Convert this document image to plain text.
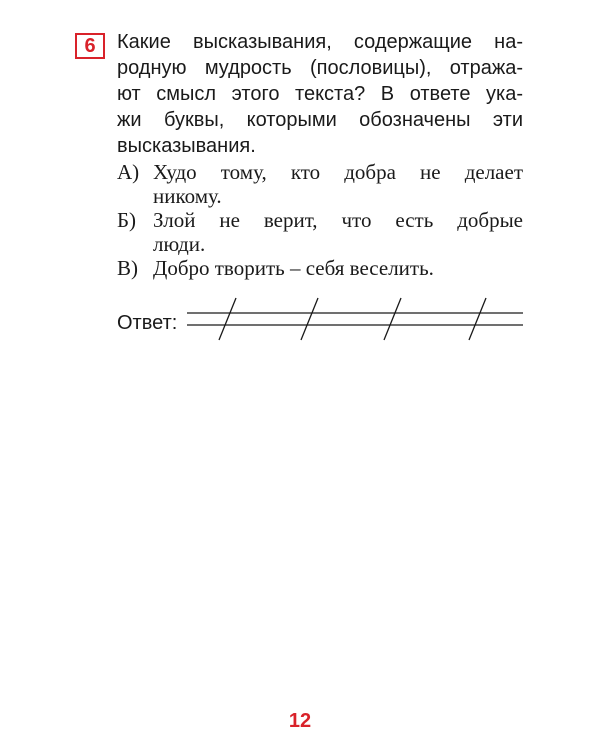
6	Какие высказывания, содержащие на-
родную мудрость (пословицы), отража-
ют смысл этого текста? В ответе ука-
жи буквы, которыми обозначены эти
высказывания.
А) Худо тому, кто добра не делает
никому.
Б) Злой не верит, что есть добрые
люди.
В) Добро творить – себя веселить.
Ответ:
12
